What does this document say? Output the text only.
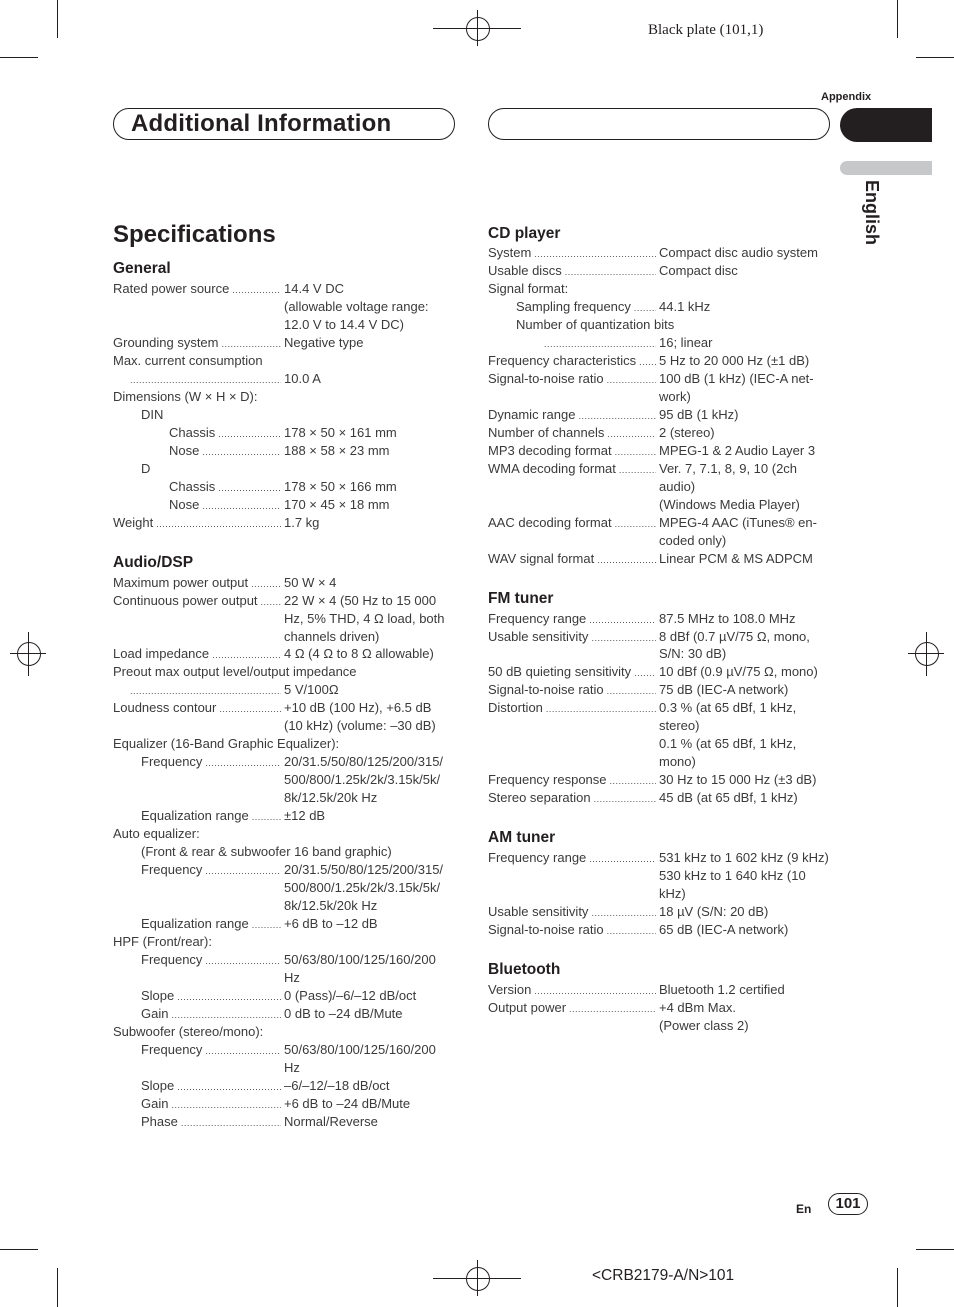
Black plate (101,1)
Appendix
Additional Information
English
Specifications
General
Rated power source .....	14.4 V DC
(allowable voltage range:
12.0 V to 14.4 V DC)
Grounding system .....	Negative type
Max. current consumption
.....
10.0 A
Dimensions (W × H × D):
DIN
Chassis .....	178 × 50 × 161 mm
Nose .....	188 × 58 × 23 mm
D
Chassis .....	178 × 50 × 166 mm
Nose .....	170 × 45 × 18 mm
Weight .....	1.7 kg
Audio/DSP
Maximum power output .....	50 W × 4
Continuous power output .....	22 W × 4 (50 Hz to 15 000
Hz, 5% THD, 4 Ω load, both
channels driven)
Load impedance .....	4 Ω (4 Ω to 8 Ω allowable)
Preout max output level/output impedance
.....
5 V/100Ω
Loudness contour .....	+10 dB (100 Hz), +6.5 dB
(10 kHz) (volume: –30 dB)
Equalizer (16-Band Graphic Equalizer):
Frequency .....	20/31.5/50/80/125/200/315/
500/800/1.25k/2k/3.15k/5k/
8k/12.5k/20k Hz
Equalization range .....	±12 dB
Auto equalizer:
(Front & rear & subwoofer 16 band graphic)
Frequency .....	20/31.5/50/80/125/200/315/
500/800/1.25k/2k/3.15k/5k/
8k/12.5k/20k Hz
Equalization range .....	+6 dB to –12 dB
HPF (Front/rear):
Frequency .....	50/63/80/100/125/160/200
Hz
Slope .....	0 (Pass)/–6/–12 dB/oct
Gain .....	0 dB to –24 dB/Mute
Subwoofer (stereo/mono):
Frequency .....	50/63/80/100/125/160/200
Hz
Slope .....	–6/–12/–18 dB/oct
Gain .....	+6 dB to –24 dB/Mute
Phase .....	Normal/Reverse
CD player
System .....	Compact disc audio system
Usable discs .....	Compact disc
Signal format:
Sampling frequency .....	44.1 kHz
Number of quantization bits
.....
16; linear
Frequency characteristics .....	5 Hz to 20 000 Hz (±1 dB)
Signal-to-noise ratio .....	100 dB (1 kHz) (IEC-A net-
work)
Dynamic range .....	95 dB (1 kHz)
Number of channels .....	2 (stereo)
MP3 decoding format .....	MPEG-1 & 2 Audio Layer 3
WMA decoding format .....	Ver. 7, 7.1, 8, 9, 10 (2ch
audio)
(Windows Media Player)
AAC decoding format .....	MPEG-4 AAC (iTunes® en-
coded only)
WAV signal format .....	Linear PCM & MS ADPCM
FM tuner
Frequency range .....	87.5 MHz to 108.0 MHz
Usable sensitivity .....	8 dBf (0.7 µV/75 Ω, mono,
S/N: 30 dB)
50 dB quieting sensitivity .....	10 dBf (0.9 µV/75 Ω, mono)
Signal-to-noise ratio .....	75 dB (IEC-A network)
Distortion .....	0.3 % (at 65 dBf, 1 kHz,
stereo)
0.1 % (at 65 dBf, 1 kHz,
mono)
Frequency response .....	30 Hz to 15 000 Hz (±3 dB)
Stereo separation .....	45 dB (at 65 dBf, 1 kHz)
AM tuner
Frequency range .....	531 kHz to 1 602 kHz (9 kHz)
530 kHz to 1 640 kHz (10
kHz)
Usable sensitivity .....	18 µV (S/N: 20 dB)
Signal-to-noise ratio .....	65 dB (IEC-A network)
Bluetooth
Version .....	Bluetooth 1.2 certified
Output power .....	+4 dBm Max.
(Power class 2)
En	101
<CRB2179-A/N>101
